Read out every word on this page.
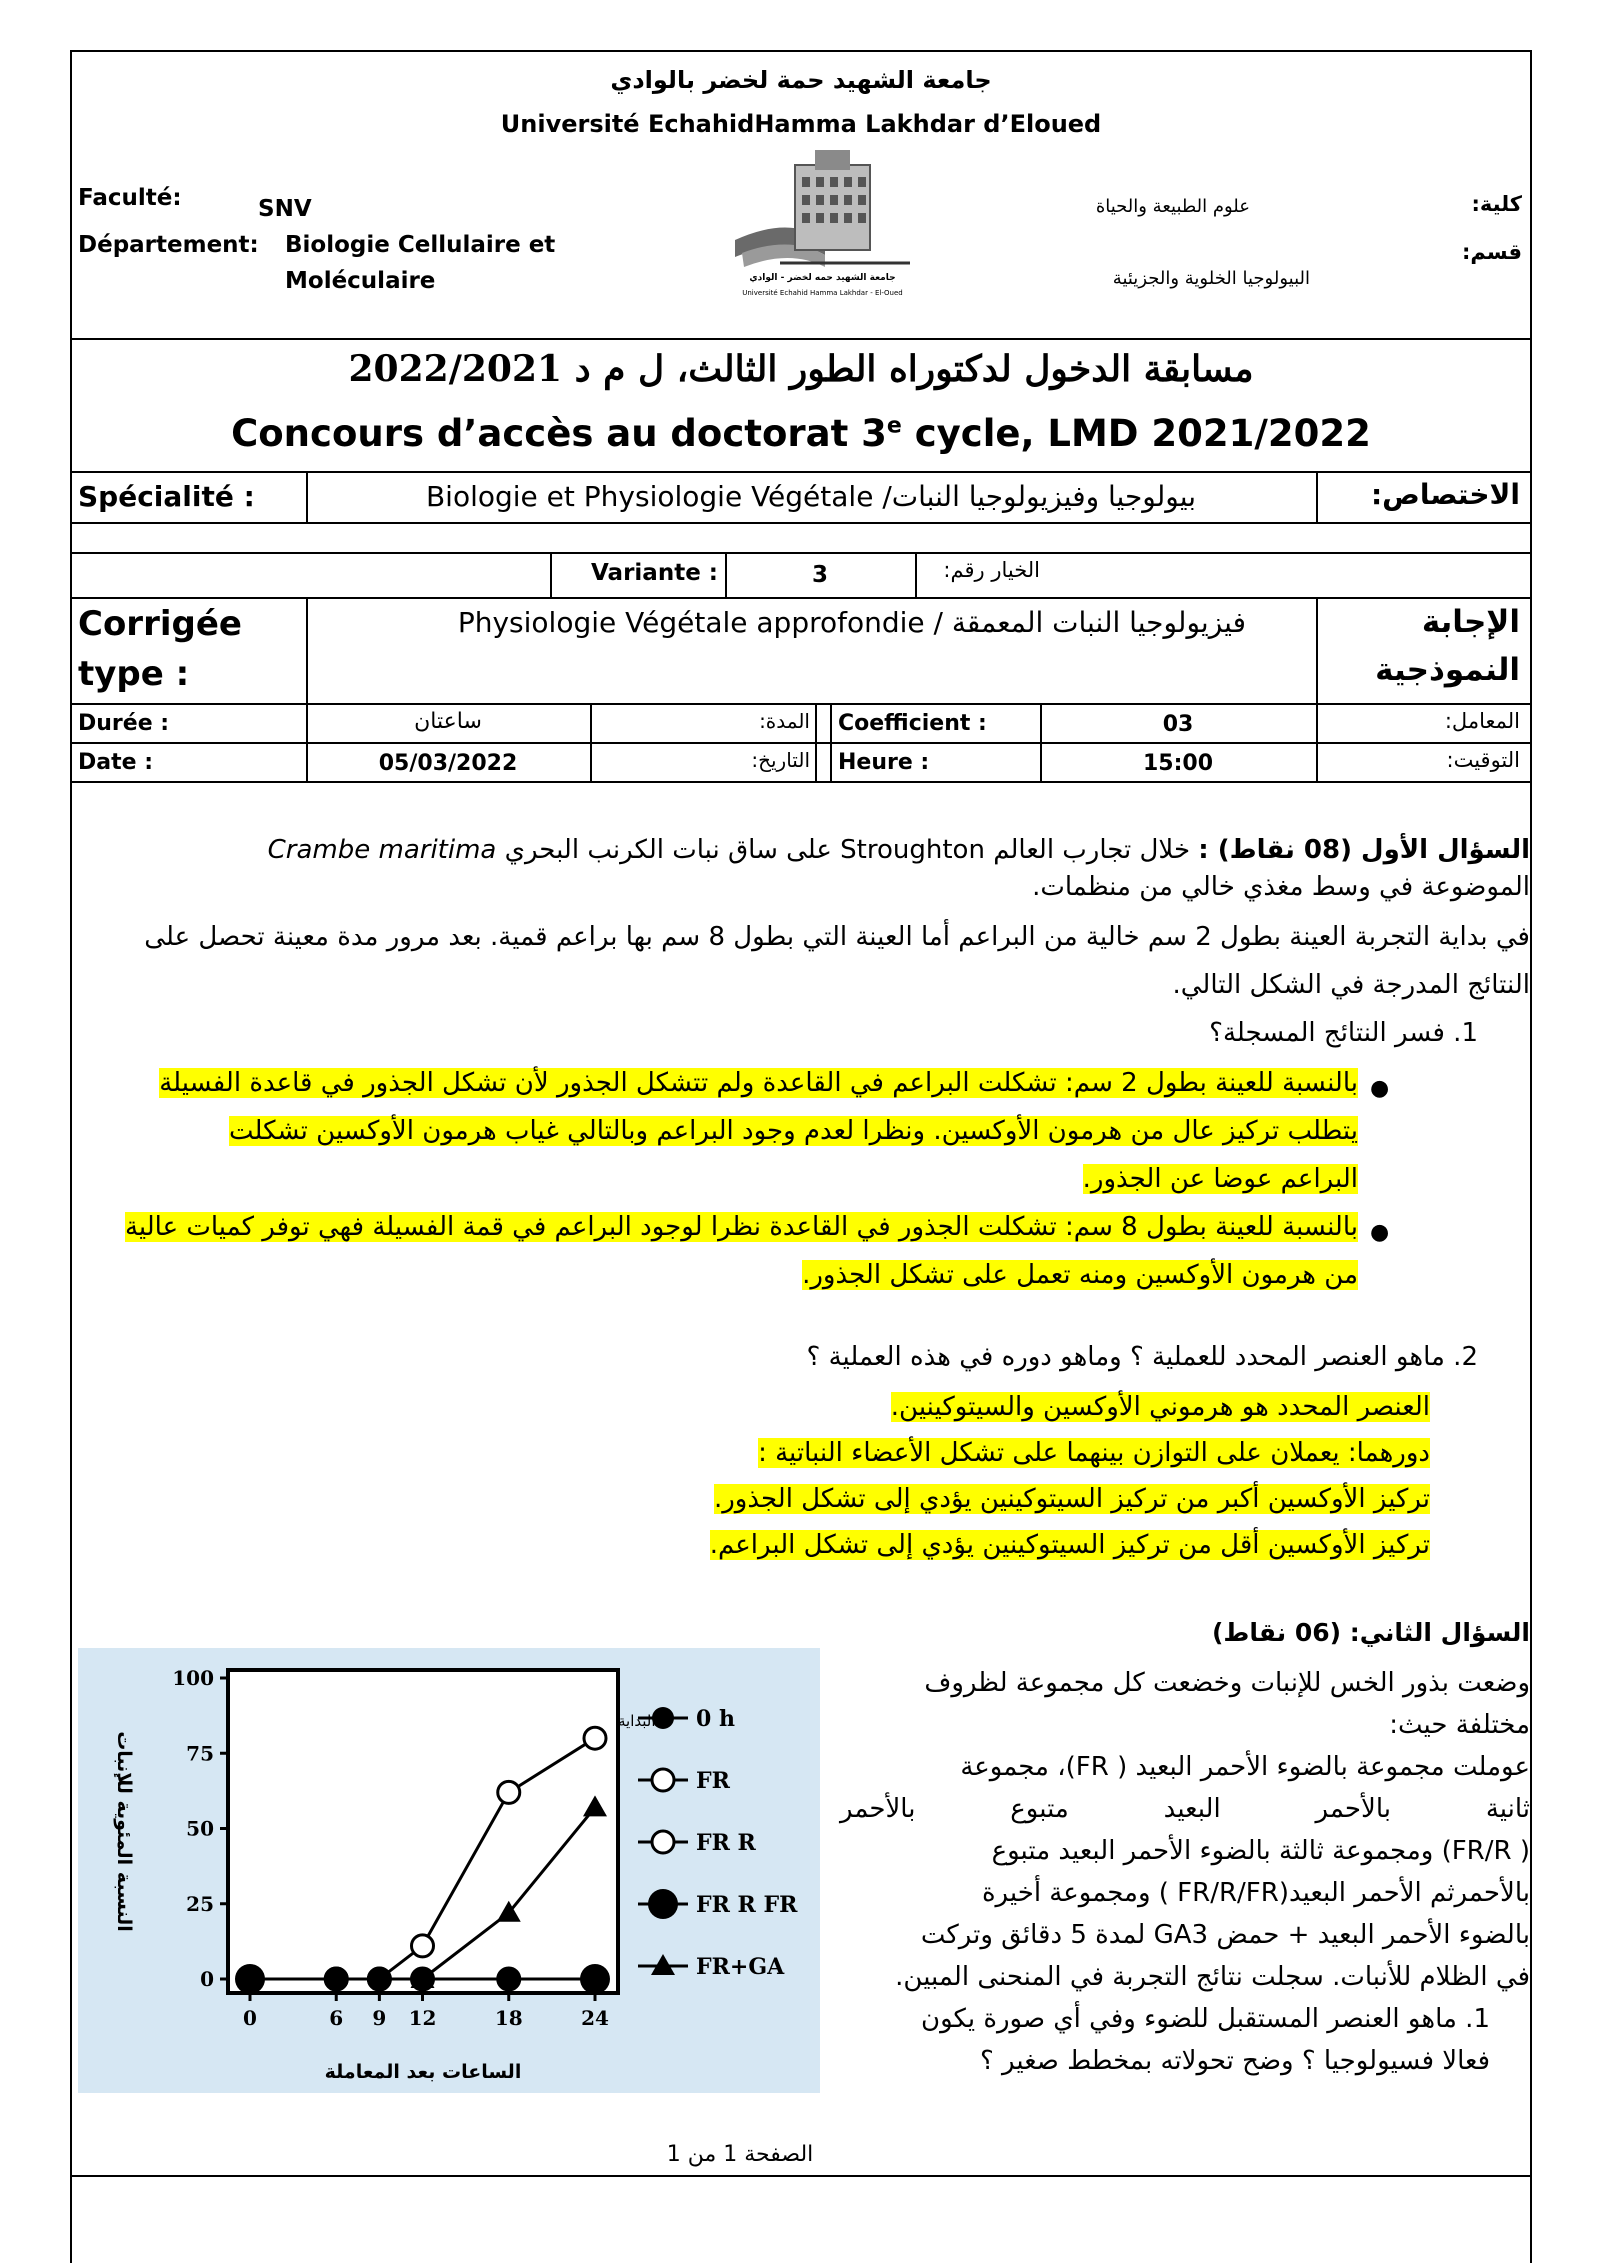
جامعة الشهيد حمة لخضر بالوادي
Université EchahidHamma Lakhdar d’Eloued
Faculté:	SNV
Département: Biologie Cellulaire et
Moléculaire
كلية:
علوم الطبيعة والحياة
قسم:
البيولوجيا الخلوية والجزيئية
جامعة الشهيد حمه لخضر - الوادي
Université Echahid Hamma Lakhdar - El-Oued
مسابقة الدخول لدكتوراه الطور الثالث، ل م د 2022/2021
Concours d’accès au doctorat 3e cycle, LMD 2021/2022
Spécialité :	Biologie et Physiologie Végétale /بيولوجيا وفيزيولوجيا النبات	الاختصاص:
Variante :	3	الخيار رقم:
Corrigée
type :
Physiologie Végétale approfondie / فيزيولوجيا النبات المعمقة	الإجابة
النموذجية
Durée :	ساعتان	المدة: Coefficient :	03	المعامل:
Date :	05/03/2022	التاريخ: Heure :	15:00	التوقيت:
السؤال الأول (08 نقاط) : خلال تجارب العالم Stroughton على ساق نبات الكرنب البحري Crambe maritima
الموضوعة في وسط مغذي خالي من منظمات.
في بداية التجربة العينة بطول 2 سم خالية من البراعم أما العينة التي بطول 8 سم بها براعم قمية. بعد مرور مدة معينة تحصل على
النتائج المدرجة في الشكل التالي.
1. فسر النتائج المسجلة؟
●
بالنسبة للعينة بطول 2 سم: تشكلت البراعم في القاعدة ولم تتشكل الجذور لأن تشكل الجذور في قاعدة الفسيلة
يتطلب تركيز عال من هرمون الأوكسين. ونظرا لعدم وجود البراعم وبالتالي غياب هرمون الأوكسين تشكلت
البراعم عوضا عن الجذور.
●
بالنسبة للعينة بطول 8 سم: تشكلت الجذور في القاعدة نظرا لوجود البراعم في قمة الفسيلة فهي توفر كميات عالية
من هرمون الأوكسين ومنه تعمل على تشكل الجذور.
2. ماهو العنصر المحدد للعملية ؟ وماهو دوره في هذه العملية ؟
العنصر المحدد هو هرموني الأوكسين والسيتوكينين.
دورهما: يعملان على التوازن بينهما على تشكل الأعضاء النباتية :
تركيز الأوكسين أكبر من تركيز السيتوكينين يؤدي إلى تشكل الجذور.
تركيز الأوكسين أقل من تركيز السيتوكينين يؤدي إلى تشكل البراعم.
السؤال الثاني: (06 نقاط)
وضعت بذور الخس للإنبات وخضعت كل مجموعة لظروف
مختلفة حيث:
عوملت مجموعة بالضوء الأحمر البعيد ( FR)، مجموعة
ثانية بالأحمر البعيد متبوع بالأحمر
( FR/R) ومجموعة ثالثة بالضوء الأحمر البعيد متبوع
بالأحمرثم الأحمر البعيد(FR/R/FR ) ومجموعة أخيرة
بالضوء الأحمر البعيد + حمض GA3 لمدة 5 دقائق وتركت
في الظلام للأنبات. سجلت نتائج التجربة في المنحنى المبين.
1. ماهو العنصر المستقبل للضوء وفي أي صورة يكون
فعالا فسيولوجيا ؟ وضح تحولاته بمخطط صغير ؟
0
25
50
75
100
0	6 9 12	18	24
الساعات بعد المعاملة
النسبة المئوية للإنبات
0 h
FR
FR R
FR R FR
FR+GA
البداية
الصفحة 1 من 1
